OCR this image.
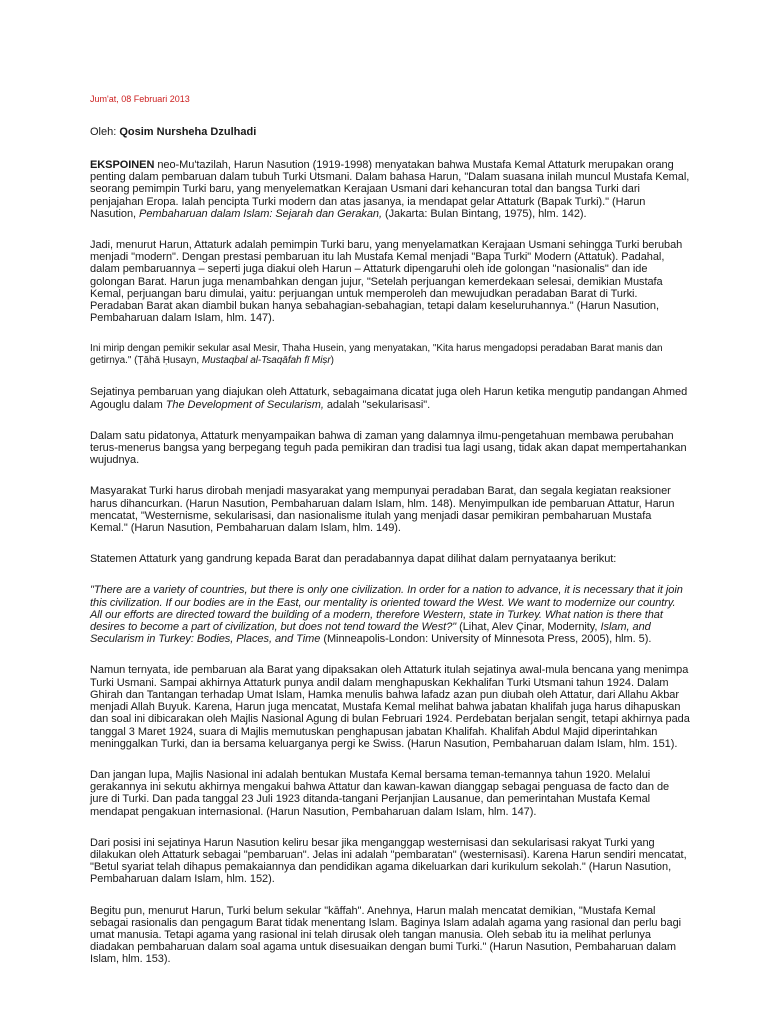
Jum'at, 08 Februari 2013
Oleh: Qosim Nursheha Dzulhadi

EKSPOINEN neo-Mu'tazilah, Harun Nasution (1919-1998) menyatakan bahwa Mustafa Kemal Attaturk merupakan orang penting dalam pembaruan dalam tubuh Turki Utsmani. Dalam bahasa Harun, "Dalam suasana inilah muncul Mustafa Kemal, seorang pemimpin Turki baru, yang menyelematkan Kerajaan Usmani dari kehancuran total dan bangsa Turki dari penjajahan Eropa. Ialah pencipta Turki modern dan atas jasanya, ia mendapat gelar Attaturk (Bapak Turki)." (Harun Nasution, Pembaharuan dalam Islam: Sejarah dan Gerakan, (Jakarta: Bulan Bintang, 1975), hlm. 142).

Jadi, menurut Harun, Attaturk adalah pemimpin Turki baru, yang menyelamatkan Kerajaan Usmani sehingga Turki berubah menjadi "modern". Dengan prestasi pembaruan itu lah Mustafa Kemal menjadi "Bapa Turki" Modern (Attatuk). Padahal, dalam pembaruannya – seperti juga diakui oleh Harun – Attaturk dipengaruhi oleh ide golongan "nasionalis" dan ide golongan Barat. Harun juga menambahkan dengan jujur, "Setelah perjuangan kemerdekaan selesai, demikian Mustafa Kemal, perjuangan baru dimulai, yaitu: perjuangan untuk memperoleh dan mewujudkan peradaban Barat di Turki. Peradaban Barat akan diambil bukan hanya sebahagian-sebahagian, tetapi dalam keseluruhannya." (Harun Nasution, Pembaharuan dalam Islam, hlm. 147).

Ini mirip dengan pemikir sekular asal Mesir, Thaha Husein, yang menyatakan, "Kita harus mengadopsi peradaban Barat manis dan getirnya." (Ṭāhā Ḥusayn, Mustaqbal al-Tsaqāfah fī Miṣr)

Sejatinya pembaruan yang diajukan oleh Attaturk, sebagaimana dicatat juga oleh Harun ketika mengutip pandangan Ahmed Agouglu dalam The Development of Secularism, adalah "sekularisasi".

Dalam satu pidatonya, Attaturk menyampaikan bahwa di zaman yang dalamnya ilmu-pengetahuan membawa perubahan terus-menerus bangsa yang berpegang teguh pada pemikiran dan tradisi tua lagi usang, tidak akan dapat mempertahankan wujudnya.

Masyarakat Turki harus dirobah menjadi masyarakat yang mempunyai peradaban Barat, dan segala kegiatan reaksioner harus dihancurkan. (Harun Nasution, Pembaharuan dalam Islam, hlm. 148). Menyimpulkan ide pembaruan Attatur, Harun mencatat, "Westernisme, sekularisasi, dan nasionalisme itulah yang menjadi dasar pemikiran pembaharuan Mustafa Kemal." (Harun Nasution, Pembaharuan dalam Islam, hlm. 149).

Statemen Attaturk yang gandrung kepada Barat dan peradabannya dapat dilihat dalam pernyataanya berikut:

"There are a variety of countries, but there is only one civilization. In order for a nation to advance, it is necessary that it join this civilization. If our bodies are in the East, our mentality is oriented toward the West. We want to modernize our country. All our efforts are directed toward the building of a modern, therefore Western, state in Turkey. What nation is there that desires to become a part of civilization, but does not tend toward the West?" (Lihat, Alev Çinar, Modernity, Islam, and Secularism in Turkey: Bodies, Places, and Time (Minneapolis-London: University of Minnesota Press, 2005), hlm. 5).

Namun ternyata, ide pembaruan ala Barat yang dipaksakan oleh Attaturk itulah sejatinya awal-mula bencana yang menimpa Turki Usmani. Sampai akhirnya Attaturk punya andil dalam menghapuskan Kekhalifan Turki Utsmani tahun 1924. Dalam Ghirah dan Tantangan terhadap Umat Islam, Hamka menulis bahwa lafadz azan pun diubah oleh Attatur, dari Allahu Akbar menjadi Allah Buyuk. Karena, Harun juga mencatat, Mustafa Kemal melihat bahwa jabatan khalifah juga harus dihapuskan dan soal ini dibicarakan oleh Majlis Nasional Agung di bulan Februari 1924. Perdebatan berjalan sengit, tetapi akhirnya pada tanggal 3 Maret 1924, suara di Majlis memutuskan penghapusan jabatan Khalifah. Khalifah Abdul Majid diperintahkan meninggalkan Turki, dan ia bersama keluarganya pergi ke Swiss. (Harun Nasution, Pembaharuan dalam Islam, hlm. 151).

Dan jangan lupa, Majlis Nasional ini adalah bentukan Mustafa Kemal bersama teman-temannya tahun 1920. Melalui gerakannya ini sekutu akhirnya mengakui bahwa Attatur dan kawan-kawan dianggap sebagai penguasa de facto dan de jure di Turki. Dan pada tanggal 23 Juli 1923 ditanda-tangani Perjanjian Lausanue, dan pemerintahan Mustafa Kemal mendapat pengakuan internasional. (Harun Nasution, Pembaharuan dalam Islam, hlm. 147).

Dari posisi ini sejatinya Harun Nasution keliru besar jika menganggap westernisasi dan sekularisasi rakyat Turki yang dilakukan oleh Attaturk sebagai "pembaruan". Jelas ini adalah "pembaratan" (westernisasi). Karena Harun sendiri mencatat, "Betul syariat telah dihapus pemakaiannya dan pendidikan agama dikeluarkan dari kurikulum sekolah." (Harun Nasution, Pembaharuan dalam Islam, hlm. 152).

Begitu pun, menurut Harun, Turki belum sekular "kāffah". Anehnya, Harun malah mencatat demikian, "Mustafa Kemal sebagai rasionalis dan pengagum Barat tidak menentang Islam. Baginya Islam adalah agama yang rasional dan perlu bagi umat manusia. Tetapi agama yang rasional ini telah dirusak oleh tangan manusia. Oleh sebab itu ia melihat perlunya diadakan pembaharuan dalam soal agama untuk disesuaikan dengan bumi Turki." (Harun Nasution, Pembaharuan dalam Islam, hlm. 153).
